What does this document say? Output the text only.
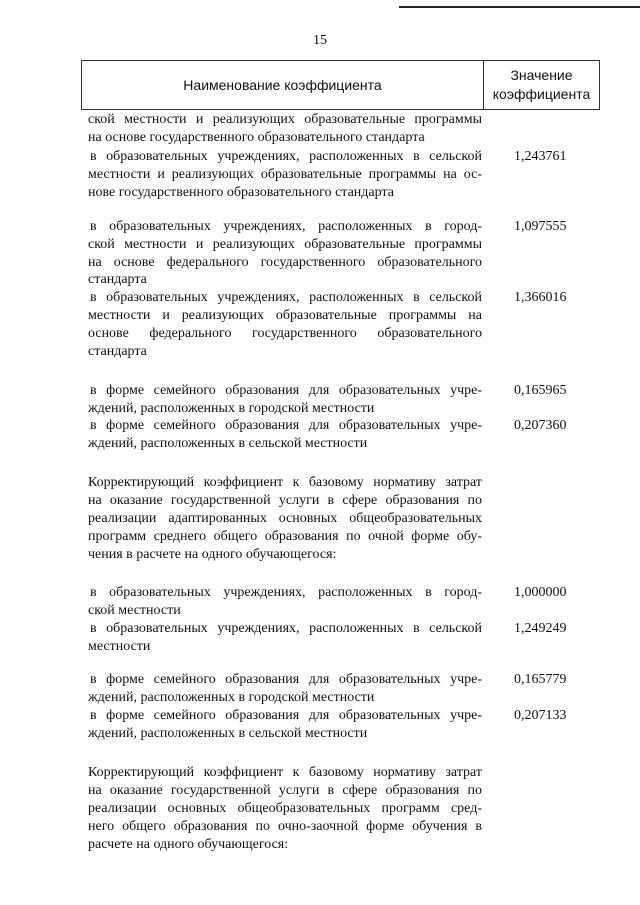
15
Наименование коэффициента
Значение
коэффициента
ской местности и реализующих образовательные программы
на основе государственного образовательного стандарта
в образовательных учреждениях, расположенных в сельской
местности и реализующих образовательные программы на ос-
нове государственного образовательного стандарта
1,243761
в образовательных учреждениях, расположенных в город-
ской местности и реализующих образовательные программы
на основе федерального государственного образовательного
стандарта
1,097555
в образовательных учреждениях, расположенных в сельской
местности и реализующих образовательные программы на
основе федерального государственного образовательного
стандарта
1,366016
в форме семейного образования для образовательных учре-
ждений, расположенных в городской местности
0,165965
в форме семейного образования для образовательных учре-
ждений, расположенных в сельской местности
0,207360
Корректирующий коэффициент к базовому нормативу затрат
на оказание государственной услуги в сфере образования по
реализации адаптированных основных общеобразовательных
программ среднего общего образования по очной форме обу-
чения в расчете на одного обучающегося:
в образовательных учреждениях, расположенных в город-
ской местности
1,000000
в образовательных учреждениях, расположенных в сельской
местности
1,249249
в форме семейного образования для образовательных учре-
ждений, расположенных в городской местности
0,165779
в форме семейного образования для образовательных учре-
ждений, расположенных в сельской местности
0,207133
Корректирующий коэффициент к базовому нормативу затрат
на оказание государственной услуги в сфере образования по
реализации основных общеобразовательных программ сред-
него общего образования по очно-заочной форме обучения в
расчете на одного обучающегося:
